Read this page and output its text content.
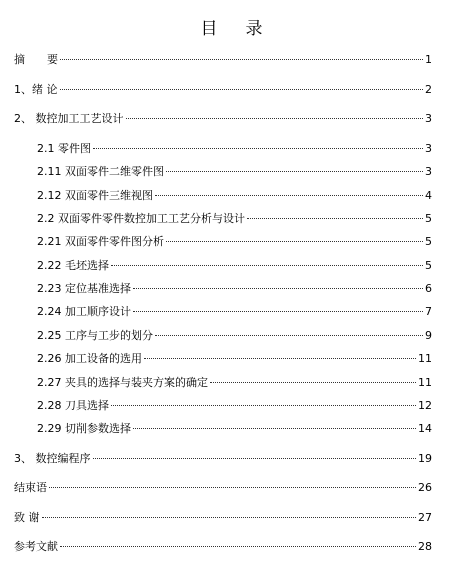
目 录
摘　　要	1
1、绪 论	2
2、 数控加工工艺设计	3
2.1 零件图	3
2.11 双面零件二维零件图	3
2.12 双面零件三维视图	4
2.2 双面零件零件数控加工工艺分析与设计	5
2.21 双面零件零件图分析	5
2.22 毛坯选择	5
2.23 定位基准选择	6
2.24 加工顺序设计	7
2.25 工序与工步的划分	9
2.26 加工设备的选用	11
2.27 夹具的选择与装夹方案的确定	11
2.28 刀具选择	12
2.29 切削参数选择	14
3、 数控编程序	19
结束语	26
致 谢	27
参考文献	28
